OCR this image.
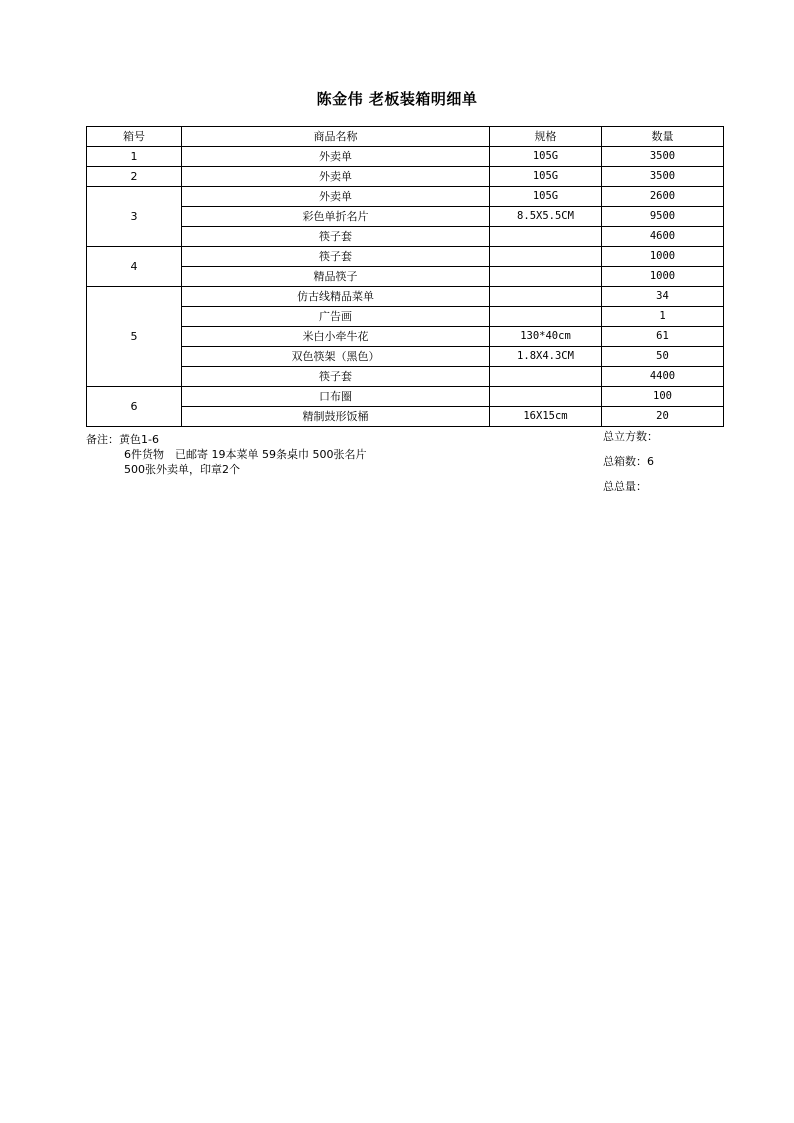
陈金伟 老板装箱明细单
箱号	商品名称	规格	数量
1	外卖单	105G	3500
2	外卖单	105G	3500
3	外卖单	105G	2600
	彩色单折名片	8.5X5.5CM	9500
	筷子套		4600
4	筷子套		1000
	精品筷子		1000
5	仿古线精品菜单		34
	广告画		1
	米白小牵牛花	130*40cm	61
	双色筷架（黑色）	1.8X4.3CM	50
	筷子套		4400
6	口布圈		100
	精制鼓形饭桶	16X15cm	20
备注：黄色1-6
6件货物　已邮寄 19本菜单 59条桌巾 500张名片
500张外卖单，印章2个
总立方数：
总箱数：6
总总量：
